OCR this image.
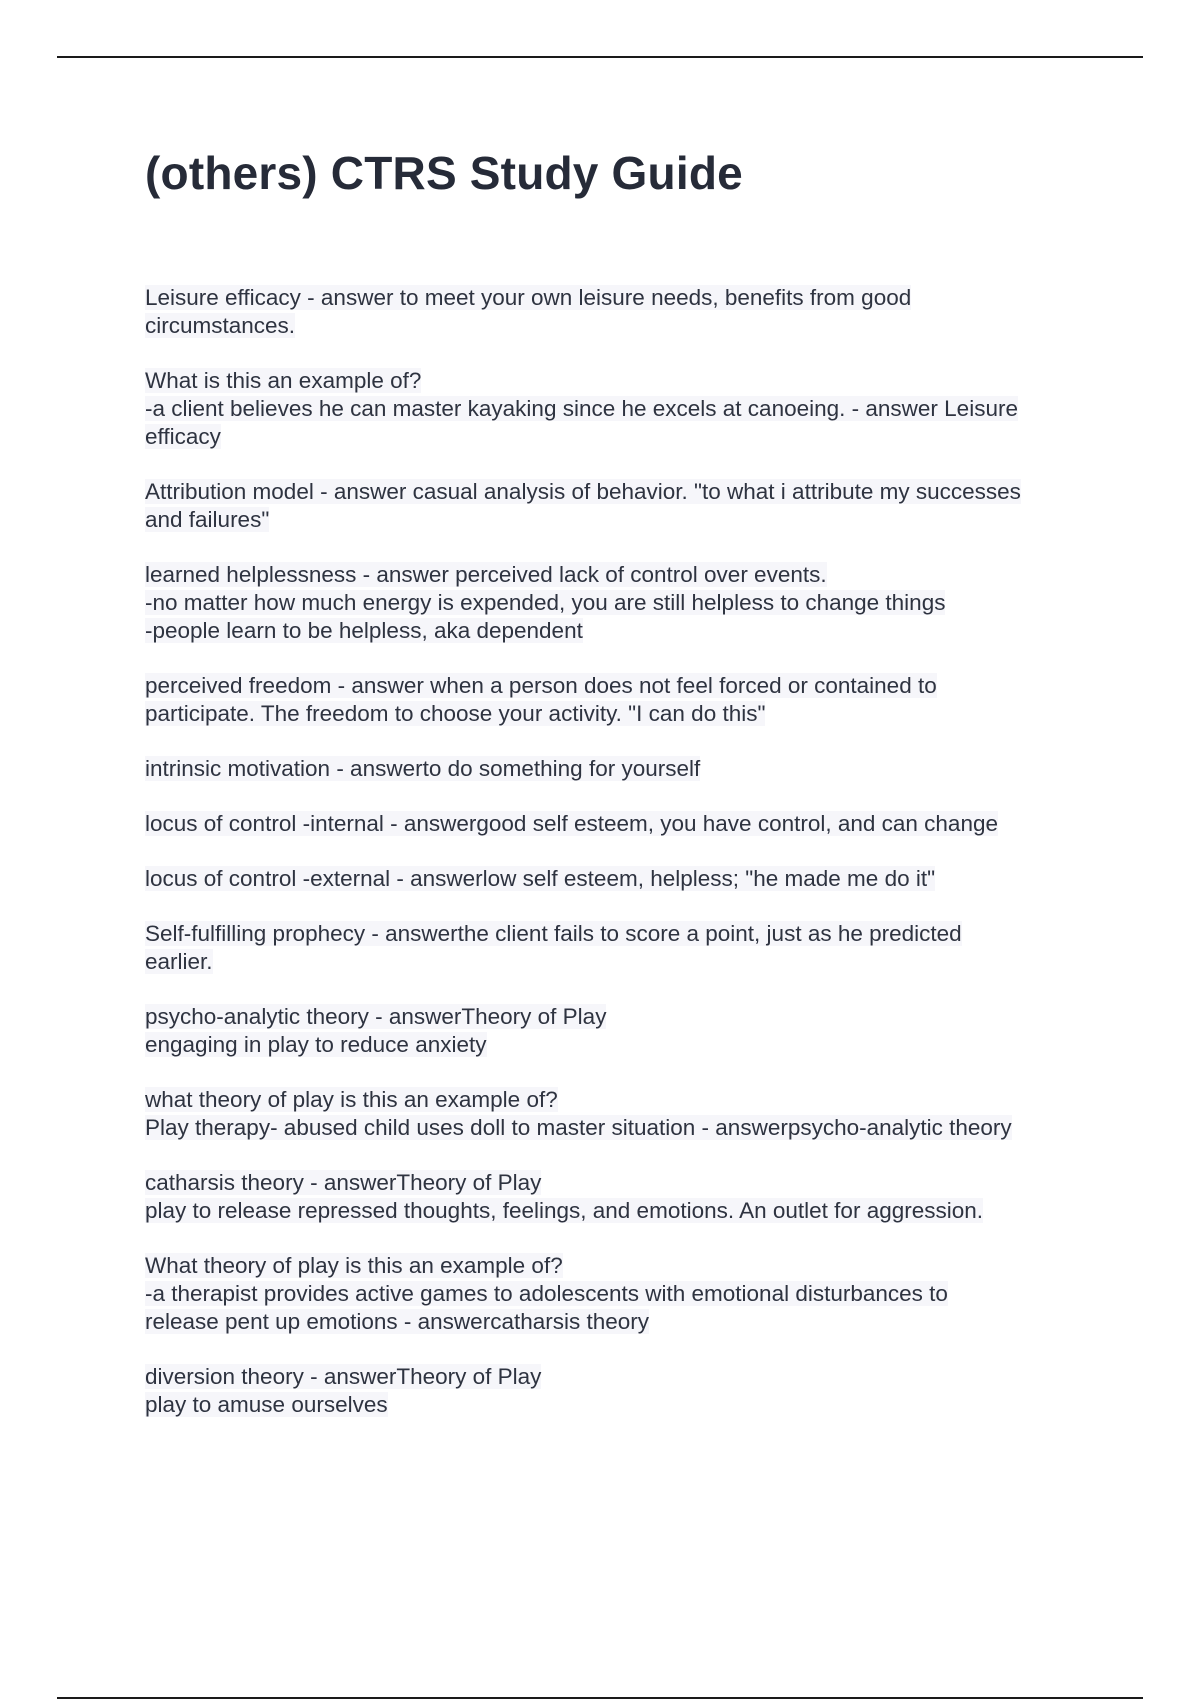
(others) CTRS Study Guide
Leisure efficacy - answer to meet your own leisure needs, benefits from good
circumstances.
What is this an example of?
-a client believes he can master kayaking since he excels at canoeing. - answer Leisure
efficacy
Attribution model - answer casual analysis of behavior. "to what i attribute my successes
and failures"
learned helplessness - answer perceived lack of control over events.
-no matter how much energy is expended, you are still helpless to change things
-people learn to be helpless, aka dependent
perceived freedom - answer when a person does not feel forced or contained to
participate. The freedom to choose your activity. "I can do this"
intrinsic motivation - answerto do something for yourself
locus of control -internal - answergood self esteem, you have control, and can change
locus of control -external - answerlow self esteem, helpless; "he made me do it"
Self-fulfilling prophecy - answerthe client fails to score a point, just as he predicted
earlier.
psycho-analytic theory - answerTheory of Play
engaging in play to reduce anxiety
what theory of play is this an example of?
Play therapy- abused child uses doll to master situation - answerpsycho-analytic theory
catharsis theory - answerTheory of Play
play to release repressed thoughts, feelings, and emotions. An outlet for aggression.
What theory of play is this an example of?
-a therapist provides active games to adolescents with emotional disturbances to
release pent up emotions - answercatharsis theory
diversion theory - answerTheory of Play
play to amuse ourselves
